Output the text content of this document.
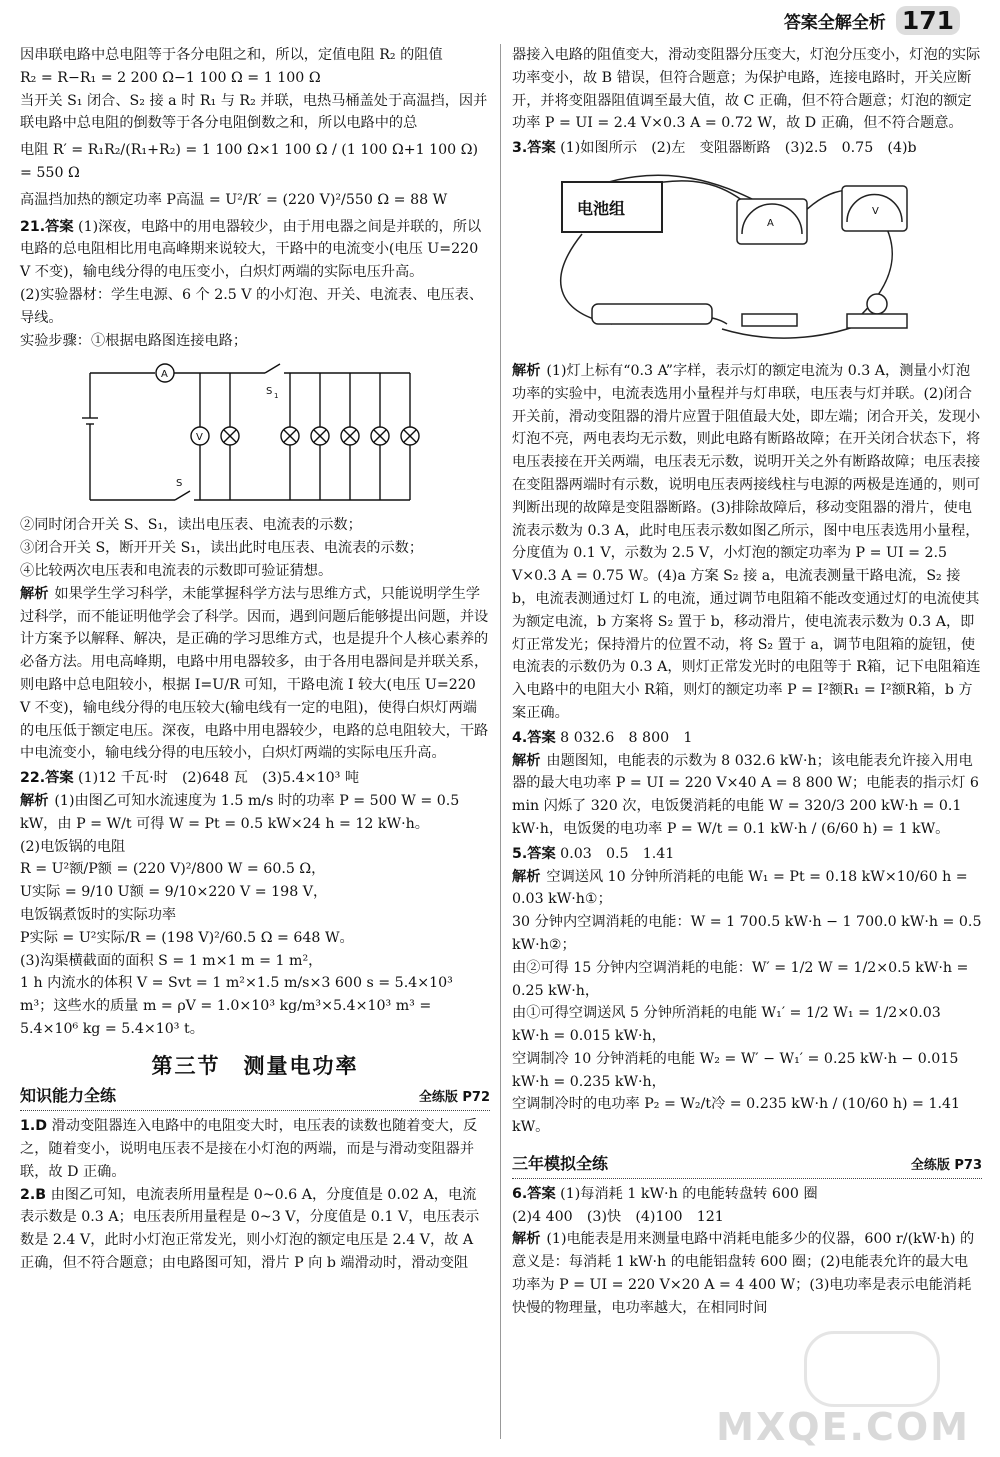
答案全解全析 171

因串联电路中总电阻等于各分电阻之和，所以，定值电阻 R₂ 的阻值

R₂ = R−R₁ = 2 200 Ω−1 100 Ω = 1 100 Ω

当开关 S₁ 闭合、S₂ 接 a 时 R₁ 与 R₂ 并联，电热马桶盖处于高温挡，因并联电路中总电阻的倒数等于各分电阻倒数之和，所以电路中的总

电阻 R′ = R₁R₂/(R₁+R₂) = 1 100 Ω×1 100 Ω / (1 100 Ω+1 100 Ω) = 550 Ω

高温挡加热的额定功率 P高温 = U²/R′ = (220 V)²/550 Ω = 88 W

21.答案 (1)深夜，电路中的用电器较少，由于用电器之间是并联的，所以电路的总电阻相比用电高峰期来说较大，干路中的电流变小(电压 U=220 V 不变)，输电线分得的电压变小，白炽灯两端的实际电压升高。

(2)实验器材：学生电源、6 个 2.5 V 的小灯泡、开关、电流表、电压表、导线。

实验步骤：①根据电路图连接电路；

A
V
S 1
S

②同时闭合开关 S、S₁，读出电压表、电流表的示数；

③闭合开关 S，断开开关 S₁，读出此时电压表、电流表的示数；

④比较两次电压表和电流表的示数即可验证猜想。

解析 如果学生学习科学，未能掌握科学方法与思维方式，只能说明学生学过科学，而不能证明他学会了科学。因而，遇到问题后能够提出问题，并设计方案予以解释、解决，是正确的学习思维方式，也是提升个人核心素养的必备方法。用电高峰期，电路中用电器较多，由于各用电器间是并联关系，则电路中总电阻较小，根据 I=U/R 可知，干路电流 I 较大(电压 U=220 V 不变)，输电线分得的电压较大(输电线有一定的电阻)，使得白炽灯两端的电压低于额定电压。深夜，电路中用电器较少，电路的总电阻较大，干路中电流变小，输电线分得的电压较小，白炽灯两端的实际电压升高。

22.答案 (1)12 千瓦·时　(2)648 瓦　(3)5.4×10³ 吨

解析 (1)由图乙可知水流速度为 1.5 m/s 时的功率 P = 500 W = 0.5 kW，由 P = W/t 可得 W = Pt = 0.5 kW×24 h = 12 kW·h。

(2)电饭锅的电阻

R = U²额/P额 = (220 V)²/800 W = 60.5 Ω，

U实际 = 9/10 U额 = 9/10×220 V = 198 V，

电饭锅煮饭时的实际功率

P实际 = U²实际/R = (198 V)²/60.5 Ω = 648 W。

(3)沟渠横截面的面积 S = 1 m×1 m = 1 m²，

1 h 内流水的体积 V = Svt = 1 m²×1.5 m/s×3 600 s = 5.4×10³ m³；这些水的质量 m = ρV = 1.0×10³ kg/m³×5.4×10³ m³ = 5.4×10⁶ kg = 5.4×10³ t。

第三节　测量电功率
知识能力全练	全练版 P72

1.D 滑动变阻器连入电路中的电阻变大时，电压表的读数也随着变大，反之，随着变小，说明电压表不是接在小灯泡的两端，而是与滑动变阻器并联，故 D 正确。

2.B 由图乙可知，电流表所用量程是 0~0.6 A，分度值是 0.02 A，电流表示数是 0.3 A；电压表所用量程是 0~3 V，分度值是 0.1 V，电压表示数是 2.4 V，此时小灯泡正常发光，则小灯泡的额定电压是 2.4 V，故 A 正确，但不符合题意；由电路图可知，滑片 P 向 b 端滑动时，滑动变阻

器接入电路的阻值变大，滑动变阻器分压变大，灯泡分压变小，灯泡的实际功率变小，故 B 错误，但符合题意；为保护电路，连接电路时，开关应断开，并将变阻器阻值调至最大值，故 C 正确，但不符合题意；灯泡的额定功率 P = UI = 2.4 V×0.3 A = 0.72 W，故 D 正确，但不符合题意。

3.答案 (1)如图所示　(2)左　变阻器断路　(3)2.5　0.75　(4)b

电池组
A
V

解析 (1)灯上标有“0.3 A”字样，表示灯的额定电流为 0.3 A，测量小灯泡功率的实验中，电流表选用小量程并与灯串联，电压表与灯并联。(2)闭合开关前，滑动变阻器的滑片应置于阻值最大处，即左端；闭合开关，发现小灯泡不亮，两电表均无示数，则此电路有断路故障；在开关闭合状态下，将电压表接在开关两端，电压表无示数，说明开关之外有断路故障；电压表接在变阻器两端时有示数，说明电压表两接线柱与电源的两极是连通的，则可判断出现的故障是变阻器断路。(3)排除故障后，移动变阻器的滑片，使电流表示数为 0.3 A，此时电压表示数如图乙所示，图中电压表选用小量程，分度值为 0.1 V，示数为 2.5 V，小灯泡的额定功率为 P = UI = 2.5 V×0.3 A = 0.75 W。(4)a 方案 S₂ 接 a，电流表测量干路电流，S₂ 接 b，电流表测通过灯 L 的电流，通过调节电阻箱不能改变通过灯的电流使其为额定电流，b 方案将 S₂ 置于 b，移动滑片，使电流表示数为 0.3 A，即灯正常发光；保持滑片的位置不动，将 S₂ 置于 a，调节电阻箱的旋钮，使电流表的示数仍为 0.3 A，则灯正常发光时的电阻等于 R箱，记下电阻箱连入电路中的电阻大小 R箱，则灯的额定功率 P = I²额R₁ = I²额R箱，b 方案正确。

4.答案 8 032.6　8 800　1

解析 由题图知，电能表的示数为 8 032.6 kW·h；该电能表允许接入用电器的最大电功率 P = UI = 220 V×40 A = 8 800 W；电能表的指示灯 6 min 闪烁了 320 次，电饭煲消耗的电能 W = 320/3 200 kW·h = 0.1 kW·h，电饭煲的电功率 P = W/t = 0.1 kW·h / (6/60 h) = 1 kW。

5.答案 0.03　0.5　1.41

解析 空调送风 10 分钟所消耗的电能 W₁ = Pt = 0.18 kW×10/60 h = 0.03 kW·h①；

30 分钟内空调消耗的电能：W = 1 700.5 kW·h − 1 700.0 kW·h = 0.5 kW·h②；

由②可得 15 分钟内空调消耗的电能：W′ = 1/2 W = 1/2×0.5 kW·h = 0.25 kW·h，

由①可得空调送风 5 分钟所消耗的电能 W₁′ = 1/2 W₁ = 1/2×0.03 kW·h = 0.015 kW·h，

空调制冷 10 分钟消耗的电能 W₂ = W′ − W₁′ = 0.25 kW·h − 0.015 kW·h = 0.235 kW·h，

空调制冷时的电功率 P₂ = W₂/t冷 = 0.235 kW·h / (10/60 h) = 1.41 kW。

三年模拟全练	全练版 P73

6.答案 (1)每消耗 1 kW·h 的电能转盘转 600 圈

(2)4 400　(3)快　(4)100　121

解析 (1)电能表是用来测量电路中消耗电能多少的仪器，600 r/(kW·h) 的意义是：每消耗 1 kW·h 的电能铝盘转 600 圈；(2)电能表允许的最大电功率为 P = UI = 220 V×20 A = 4 400 W；(3)电功率是表示电能消耗快慢的物理量，电功率越大，在相同时间

MXQE.COM
